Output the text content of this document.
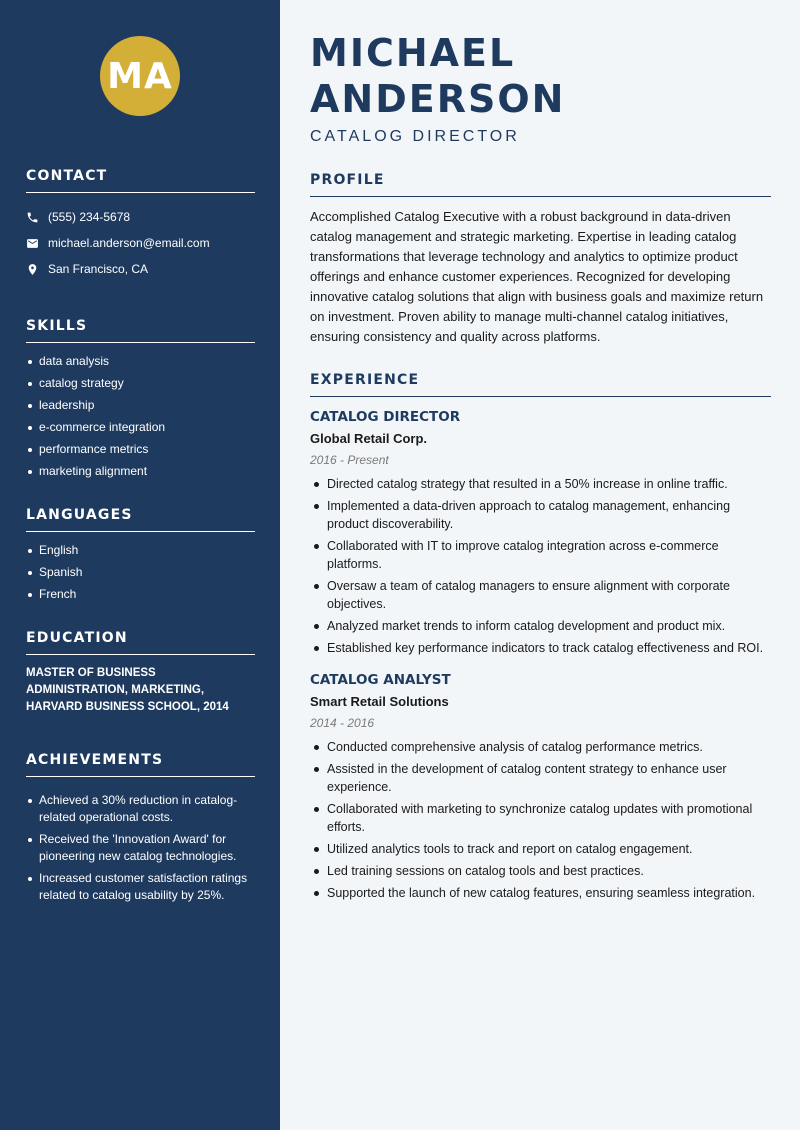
MA
CONTACT
(555) 234-5678
michael.anderson@email.com
San Francisco, CA
SKILLS
data analysis
catalog strategy
leadership
e-commerce integration
performance metrics
marketing alignment
LANGUAGES
English
Spanish
French
EDUCATION

MASTER OF BUSINESS ADMINISTRATION, MARKETING, HARVARD BUSINESS SCHOOL, 2014

ACHIEVEMENTS
Achieved a 30% reduction in catalog-related operational costs.
Received the 'Innovation Award' for pioneering new catalog technologies.
Increased customer satisfaction ratings related to catalog usability by 25%.
MICHAEL ANDERSON
CATALOG DIRECTOR
PROFILE

Accomplished Catalog Executive with a robust background in data-driven catalog management and strategic marketing. Expertise in leading catalog transformations that leverage technology and analytics to optimize product offerings and enhance customer experiences. Recognized for developing innovative catalog solutions that align with business goals and maximize return on investment. Proven ability to manage multi-channel catalog initiatives, ensuring consistency and quality across platforms.

EXPERIENCE
CATALOG DIRECTOR
Global Retail Corp.
2016 - Present
Directed catalog strategy that resulted in a 50% increase in online traffic.
Implemented a data-driven approach to catalog management, enhancing product discoverability.
Collaborated with IT to improve catalog integration across e-commerce platforms.
Oversaw a team of catalog managers to ensure alignment with corporate objectives.
Analyzed market trends to inform catalog development and product mix.
Established key performance indicators to track catalog effectiveness and ROI.
CATALOG ANALYST
Smart Retail Solutions
2014 - 2016
Conducted comprehensive analysis of catalog performance metrics.
Assisted in the development of catalog content strategy to enhance user experience.
Collaborated with marketing to synchronize catalog updates with promotional efforts.
Utilized analytics tools to track and report on catalog engagement.
Led training sessions on catalog tools and best practices.
Supported the launch of new catalog features, ensuring seamless integration.
